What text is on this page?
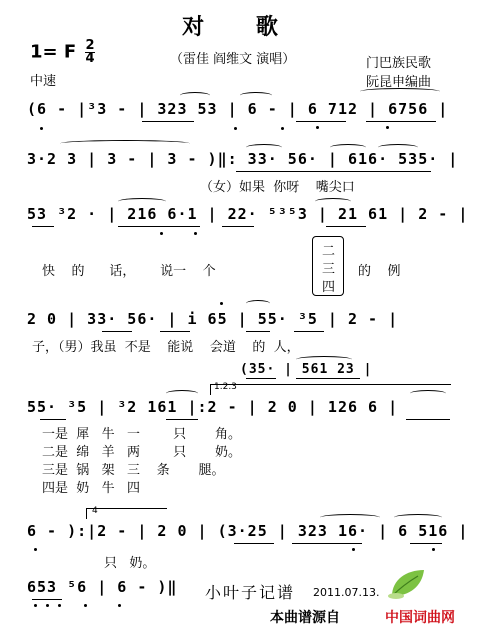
对 歌
（雷佳 阎维文 演唱）
1= F $\frac{2}{4}$
中速
门巴族民歌
阮昆申编曲
(6 - |³3 - | 323 53 | 6 - | 6 712 | 6756 |
3·2 3 | 3 - | 3 - )‖: 33· 56· | 616· 535· |
（女）如果  你呀    嘴尖口
53 ³2 · | 216 6·1 | 22· ⁵³⁵3 | 21 61 | 2 - |
快    的      话，      说一    个
二
三
四
的    例
2 0 | 33· 56· | i 65 | 55· ³5 | 2 - |
子，（男）我虽  不是    能说    会道    的  人，
(35· | 561 23 |
1.2.3
55· ³5 | ³2 161 |:2 - | 2 0 | 126 6 |
一是  犀   牛   一        只       角。
二是  绵   羊   两        只       奶。
三是  锅   架   三    条       腿。
四是  奶   牛   四
4
6 - ):|2 - | 2 0 | (3·25 | 323 16· | 6 516 |
只   奶。
653 ⁵6 | 6 - )‖ 小叶子记谱 2011.07.13.
本曲谱源自	中国词曲网
